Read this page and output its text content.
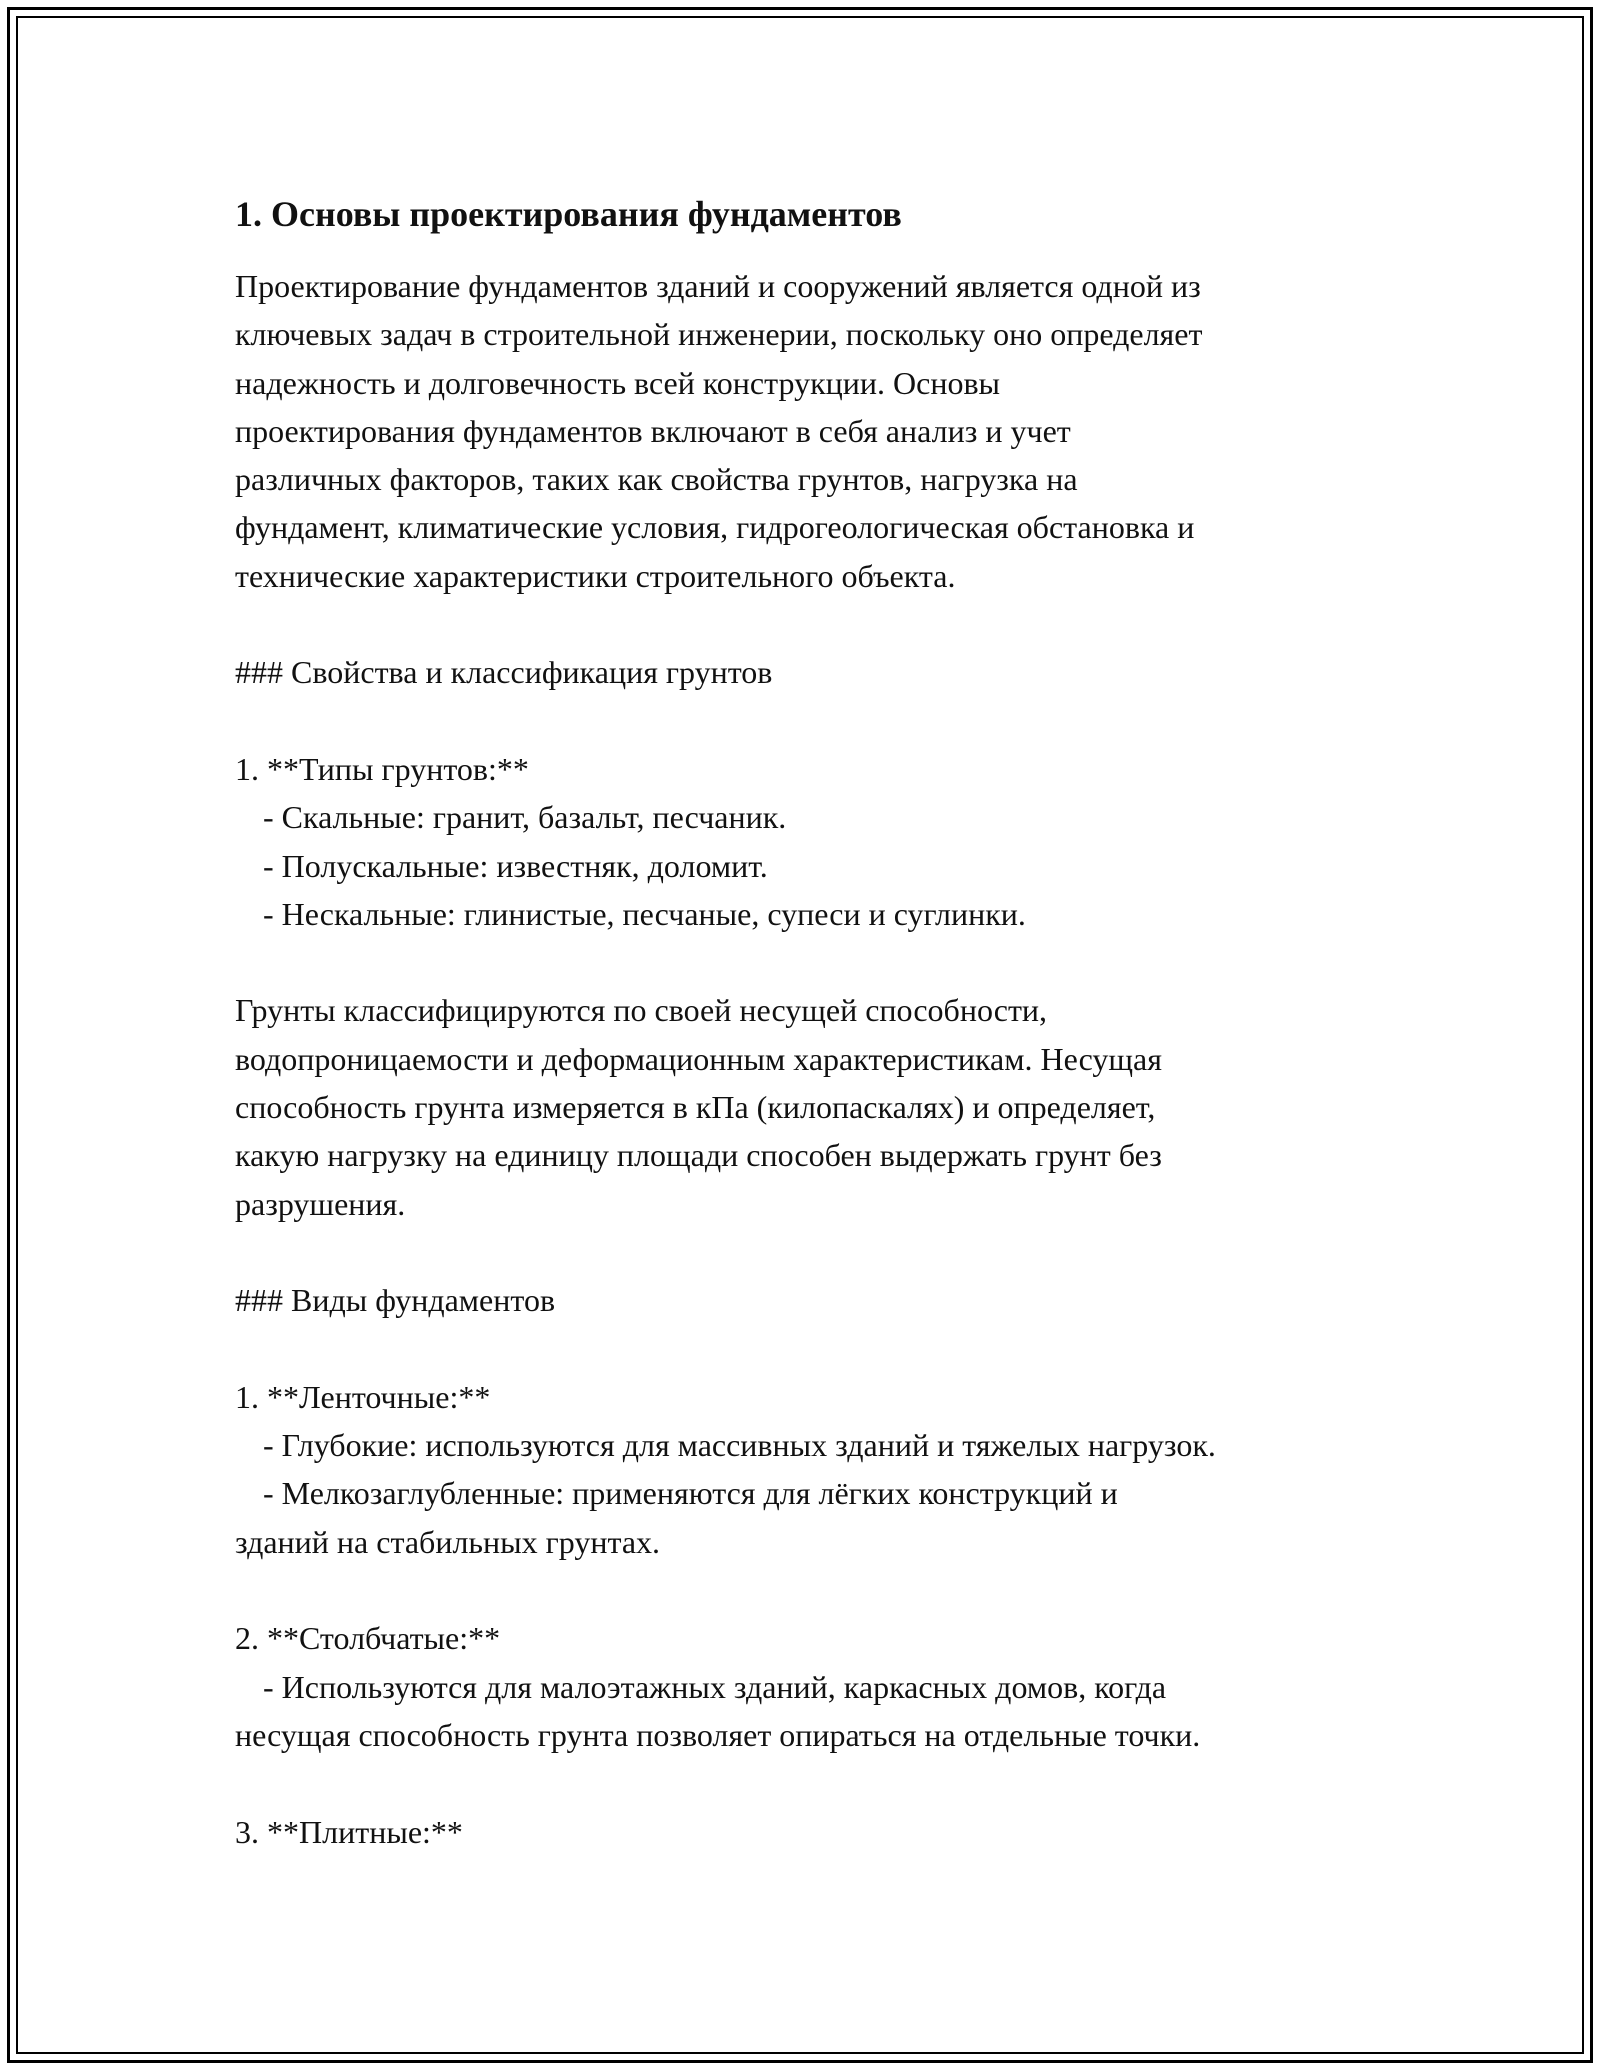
1. Основы проектирования фундаментов
Проектирование фундаментов зданий и сооружений является одной из
ключевых задач в строительной инженерии, поскольку оно определяет
надежность и долговечность всей конструкции. Основы
проектирования фундаментов включают в себя анализ и учет
различных факторов, таких как свойства грунтов, нагрузка на
фундамент, климатические условия, гидрогеологическая обстановка и
технические характеристики строительного объекта.
### Свойства и классификация грунтов
1. **Типы грунтов:**
- Скальные: гранит, базальт, песчаник.
- Полускальные: известняк, доломит.
- Нескальные: глинистые, песчаные, супеси и суглинки.
Грунты классифицируются по своей несущей способности,
водопроницаемости и деформационным характеристикам. Несущая
способность грунта измеряется в кПа (килопаскалях) и определяет,
какую нагрузку на единицу площади способен выдержать грунт без
разрушения.
### Виды фундаментов
1. **Ленточные:**
- Глубокие: используются для массивных зданий и тяжелых нагрузок.
- Мелкозаглубленные: применяются для лёгких конструкций и
зданий на стабильных грунтах.
2. **Столбчатые:**
- Используются для малоэтажных зданий, каркасных домов, когда
несущая способность грунта позволяет опираться на отдельные точки.
3. **Плитные:**
